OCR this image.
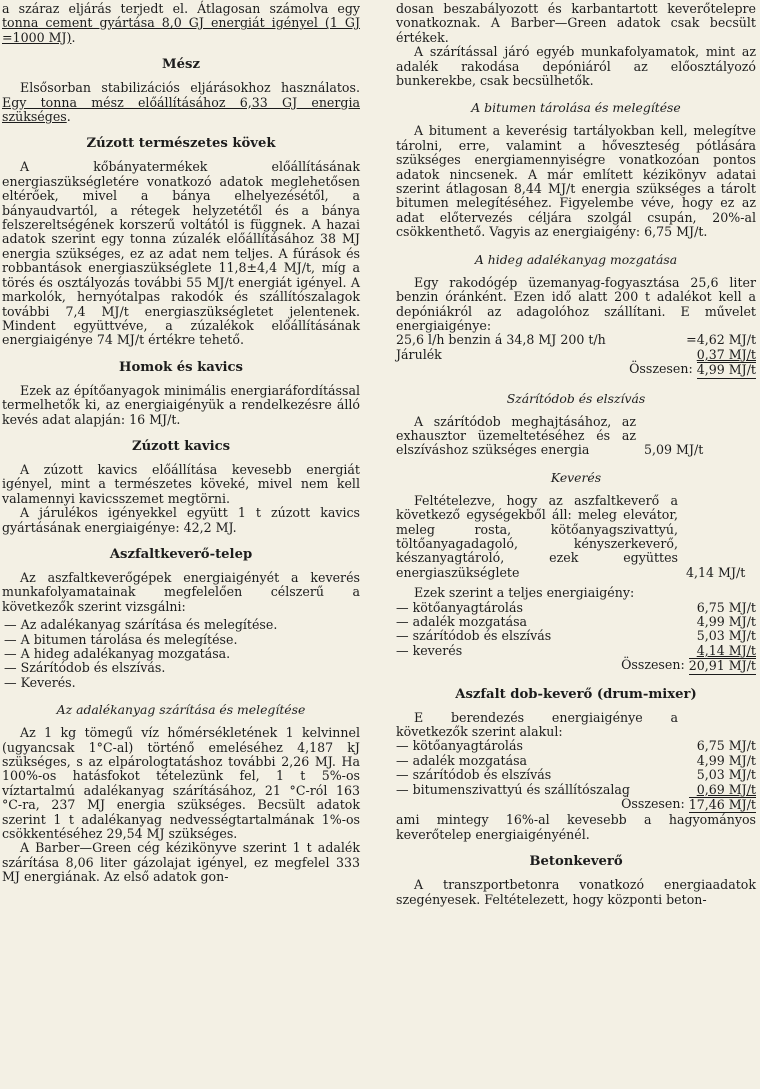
a száraz eljárás terjedt el. Átlagosan számolva egy tonna cement gyártása 8,0 GJ energiát igényel (1 GJ =1000 MJ).

Mész

Elsősorban stabilizációs eljárásokhoz használatos. Egy tonna mész előállításához 6,33 GJ energia szükséges.

Zúzott természetes kövek

A kőbányatermékek előállításának energiaszükségletére vonatkozó adatok meglehetősen eltérőek, mivel a bánya elhelyezésétől, a bányaudvartól, a rétegek helyzetétől és a bánya felszereltségének korszerű voltától is függnek. A hazai adatok szerint egy tonna zúzalék előállításához 38 MJ energia szükséges, ez az adat nem teljes. A fúrások és robbantások energiaszükséglete 11,8±4,4 MJ/t, míg a törés és osztályozás további 55 MJ/t energiát igényel. A markolók, hernyótalpas rakodók és szállítószalagok további 7,4 MJ/t energiaszükségletet jelentenek. Mindent együttvéve, a zúzalékok előállításának energiaigénye 74 MJ/t értékre tehető.

Homok és kavics

Ezek az építőanyagok minimális energiaráfordítással termelhetők ki, az energiaigényük a rendelkezésre álló kevés adat alapján: 16 MJ/t.

Zúzott kavics

A zúzott kavics előállítása kevesebb energiát igényel, mint a természetes köveké, mivel nem kell valamennyi kavicsszemet megtörni.

A járulékos igényekkel együtt 1 t zúzott kavics gyártásának energiaigénye: 42,2 MJ.

Aszfaltkeverő-telep

Az aszfaltkeverőgépek energiaigényét a keverés munkafolyamatainak megfelelően célszerű a következők szerint vizsgálni:

— Az adalékanyag szárítása és melegítése.

— A bitumen tárolása és melegítése.

— A hideg adalékanyag mozgatása.

— Szárítódob és elszívás.

— Keverés.

Az adalékanyag szárítása és melegítése

Az 1 kg tömegű víz hőmérsékletének 1 kelvinnel (ugyancsak 1°C-al) történő emeléséhez 4,187 kJ szükséges, s az elpárologtatáshoz további 2,26 MJ. Ha 100%-os hatásfokot tételezünk fel, 1 t 5%-os víztartalmú adalékanyag szárításához, 21 °C-ról 163 °C-ra, 237 MJ energia szükséges. Becsült adatok szerint 1 t adalékanyag nedvességtartalmának 1%-os csökkentéséhez 29,54 MJ szükséges.

A Barber—Green cég kézikönyve szerint 1 t adalék szárítása 8,06 liter gázolajat igényel, ez megfelel 333 MJ energiának. Az első adatok gon-

dosan beszabályozott és karbantartott keverőtelepre vonatkoznak. A Barber—Green adatok csak becsült értékek.

A szárítással járó egyéb munkafolyamatok, mint az adalék rakodása depóniáról az előosztályozó bunkerekbe, csak becsülhetők.

A bitumen tárolása és melegítése

A bitument a keverésig tartályokban kell, melegítve tárolni, erre, valamint a hőveszteség pótlására szükséges energiamennyiségre vonatkozóan pontos adatok nincsenek. A már említett kézikönyv adatai szerint átlagosan 8,44 MJ/t energia szükséges a tárolt bitumen melegítéséhez. Figyelembe véve, hogy ez az adat előtervezés céljára szolgál csupán, 20%-al csökkenthető. Vagyis az energiaigény: 6,75 MJ/t.

A hideg adalékanyag mozgatása

Egy rakodógép üzemanyag-fogyasztása 25,6 liter benzin óránként. Ezen idő alatt 200 t adalékot kell a depóniákról az adagolóhoz szállítani. E művelet energiaigénye:

25,6 l/h benzin á 34,8 MJ 200 t/h	=4,62 MJ/t
Járulék	0,37 MJ/t
Összesen: 4,99 MJ/t
Szárítódob és elszívás

A szárítódob meghajtásához, az exhausztor üzemeltetéséhez és az elszíváshoz szükséges energia	5,09 MJ/t
Keverés

Feltételezve, hogy az aszfaltkeverő a következő egységekből áll: meleg elevátor, meleg rosta, kötőanyagszivattyú, töltőanyagadagoló, kényszerkeverő, készanyagtároló, ezek együttes energiaszükséglete	4,14 MJ/t

Ezek szerint a teljes energiaigény:

— kötőanyagtárolás	6,75 MJ/t
— adalék mozgatása	4,99 MJ/t
— szárítódob és elszívás	5,03 MJ/t
— keverés	4,14 MJ/t
Összesen: 20,91 MJ/t
Aszfalt dob-keverő (drum-mixer)

E berendezés energiaigénye a következők szerint alakul:

— kötőanyagtárolás	6,75 MJ/t
— adalék mozgatása	4,99 MJ/t
— szárítódob és elszívás	5,03 MJ/t
— bitumenszivattyú és szállítószalag	0,69 MJ/t
Összesen: 17,46 MJ/t

ami mintegy 16%-al kevesebb a hagyományos keverőtelep energiaigényénél.

Betonkeverő

A transzportbetonra vonatkozó energiaadatok szegényesek. Feltételezett, hogy központi beton-
